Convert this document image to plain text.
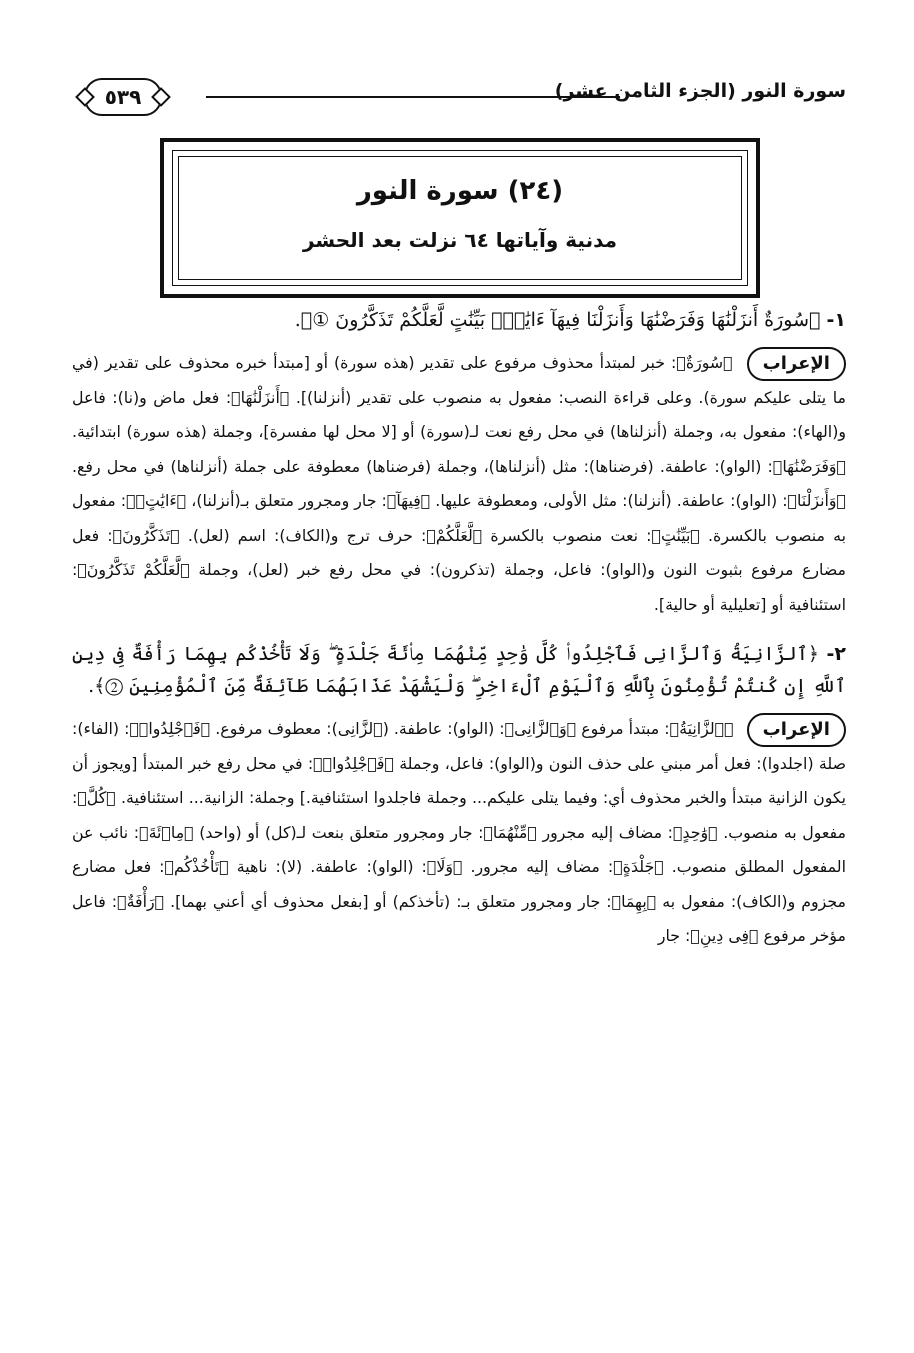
٥٣٩	سورة النور (الجزء الثامن عشر)
(٢٤) سورة النور
مدنية وآياتها ٦٤ نزلت بعد الحشر

١- ﴿سُورَةٌ أَنزَلْنَٰهَا وَفَرَضْنَٰهَا وَأَنزَلْنَا فِيهَآ ءَايَٰتٍۭ بَيِّنَٰتٍ لَّعَلَّكُمْ تَذَكَّرُونَ ①﴾.

الإعراب ﴿سُورَةٌ﴾: خبر لمبتدأ محذوف مرفوع على تقدير (هذه سورة) أو [مبتدأ خبره محذوف على تقدير (في ما يتلى عليكم سورة). وعلى قراءة النصب: مفعول به منصوب على تقدير (أنزلنا)]. ﴿أَنزَلْنَٰهَا﴾: فعل ماض و(نا): فاعل و(الهاء): مفعول به، وجملة (أنزلناها) في محل رفع نعت لـ(سورة) أو [لا محل لها مفسرة]، وجملة (هذه سورة) ابتدائية. ﴿وَفَرَضْنَٰهَا﴾: (الواو): عاطفة. (فرضناها): مثل (أنزلناها)، وجملة (فرضناها) معطوفة على جملة (أنزلناها) في محل رفع. ﴿وَأَنزَلْنَا﴾: (الواو): عاطفة. (أنزلنا): مثل الأولى، ومعطوفة عليها. ﴿فِيهَآ﴾: جار ومجرور متعلق بـ(أنزلنا)، ﴿ءَايَٰتٍۭ﴾: مفعول به منصوب بالكسرة. ﴿بَيِّنَٰتٍ﴾: نعت منصوب بالكسرة ﴿لَّعَلَّكُمْ﴾: حرف ترج و(الكاف): اسم (لعل). ﴿تَذَكَّرُونَ﴾: فعل مضارع مرفوع بثبوت النون و(الواو): فاعل، وجملة (تذكرون): في محل رفع خبر (لعل)، وجملة ﴿لَّعَلَّكُمْ تَذَكَّرُونَ﴾: استئنافية أو [تعليلية أو حالية].

٢- ﴿ٱلزَّانِيَةُ وَٱلزَّانِى فَٱجْلِدُوا۟ كُلَّ وَٰحِدٍ مِّنْهُمَا مِا۟ئَةَ جَلْدَةٍ ۖ وَلَا تَأْخُذْكُم بِهِمَا رَأْفَةٌ فِى دِينِ ٱللَّهِ إِن كُنتُمْ تُؤْمِنُونَ بِٱللَّهِ وَٱلْيَوْمِ ٱلْءَاخِرِ ۖ وَلْيَشْهَدْ عَذَابَهُمَا طَآئِفَةٌ مِّنَ ٱلْمُؤْمِنِينَ ②﴾.

الإعراب ﴿ٱلزَّانِيَةُ﴾: مبتدأ مرفوع ﴿وَٱلزَّانِى﴾: (الواو): عاطفة. (ٱلزَّانِى): معطوف مرفوع. ﴿فَٱجْلِدُوا۟﴾: (الفاء): صلة (اجلدوا): فعل أمر مبني على حذف النون و(الواو): فاعل، وجملة ﴿فَٱجْلِدُوا۟﴾: في محل رفع خبر المبتدأ [ويجوز أن يكون الزانية مبتدأ والخبر محذوف أي: وفيما يتلى عليكم... وجملة فاجلدوا استئنافية.] وجملة: الزانية... استئنافية. ﴿كُلَّ﴾: مفعول به منصوب. ﴿وَٰحِدٍ﴾: مضاف إليه مجرور ﴿مِّنْهُمَا﴾: جار ومجرور متعلق بنعت لـ(كل) أو (واحد) ﴿مِا۟ئَةَ﴾: نائب عن المفعول المطلق منصوب. ﴿جَلْدَةٍ﴾: مضاف إليه مجرور. ﴿وَلَا﴾: (الواو): عاطفة. (لا): ناهية ﴿تَأْخُذْكُم﴾: فعل مضارع مجزوم و(الكاف): مفعول به ﴿بِهِمَا﴾: جار ومجرور متعلق بـ: (تأخذكم) أو [بفعل محذوف أي أعني بهما]. ﴿رَأْفَةٌ﴾: فاعل مؤخر مرفوع ﴿فِى دِينِ﴾: جار
